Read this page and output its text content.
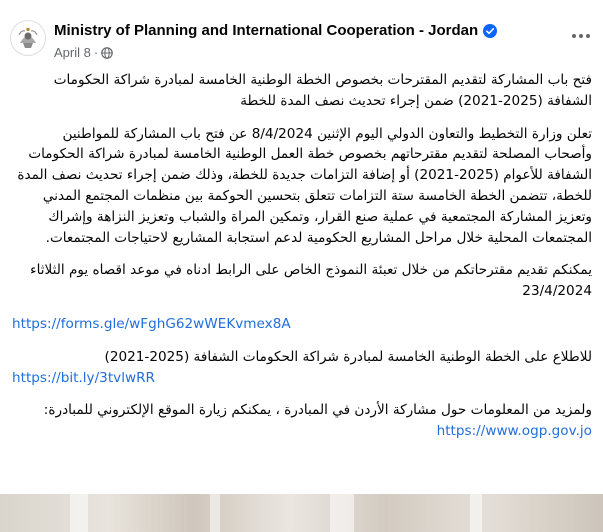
Ministry of Planning and International Cooperation - Jordan
April 8 ·

فتح باب المشاركة لتقديم المقترحات بخصوص الخطة الوطنية الخامسة لمبادرة شراكة الحكومات الشفافة (2025-2021) ضمن إجراء تحديث نصف المدة للخطة

تعلن وزارة التخطيط والتعاون الدولي اليوم الإثنين 8/4/2024 عن فتح باب المشاركة للمواطنين وأصحاب المصلحة لتقديم مقترحاتهم بخصوص خطة العمل الوطنية الخامسة لمبادرة شراكة الحكومات الشفافة للأعوام (2025-2021) أو إضافة التزامات جديدة للخطة، وذلك ضمن إجراء تحديث نصف المدة للخطة، تتضمن الخطة الخامسة ستة التزامات تتعلق بتحسين الحوكمة بين منظمات المجتمع المدني وتعزيز المشاركة المجتمعية في عملية صنع القرار، وتمكين المراة والشباب وتعزيز النزاهة وإشراك المجتمعات المحلية خلال مراحل المشاريع الحكومية لدعم استجابة المشاريع لاحتياجات المجتمعات.

يمكنكم تقديم مقترحاتكم من خلال تعبئة النموذج الخاص على الرابط ادناه في موعد اقصاه يوم الثلاثاء 23/4/2024

https://forms.gle/wFghG62wWEKvmex8A

للاطلاع على الخطة الوطنية الخامسة لمبادرة شراكة الحكومات الشفافة (2025-2021)

https://bit.ly/3tvlwRR

ولمزيد من المعلومات حول مشاركة الأردن في المبادرة ، يمكنكم زيارة الموقع الإلكتروني للمبادرة: https://www.ogp.gov.jo
